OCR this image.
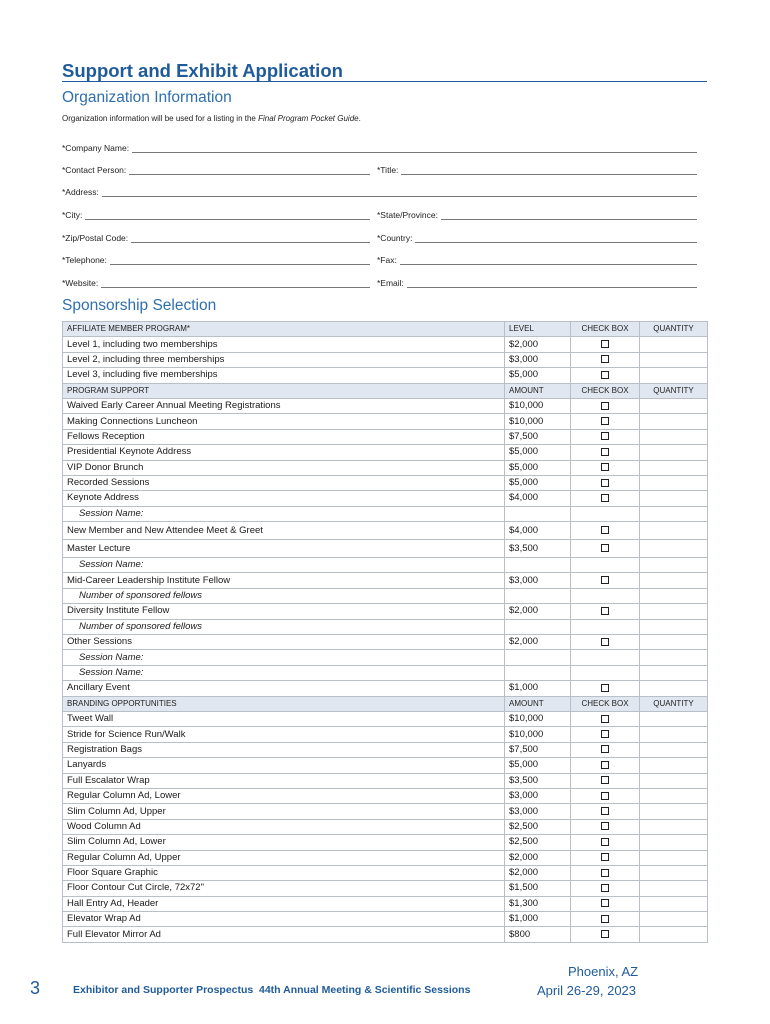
Support and Exhibit Application
Organization Information
Organization information will be used for a listing in the Final Program Pocket Guide.
*Company Name:
*Contact Person:	*Title:
*Address:
*City:	*State/Province:
*Zip/Postal Code:	*Country:
*Telephone:	*Fax:
*Website:	*Email:
Sponsorship Selection
AFFILIATE MEMBER PROGRAM*	LEVEL	CHECK BOX	QUANTITY
Level 1, including two memberships	$2,000		
Level 2, including three memberships	$3,000		
Level 3, including five memberships	$5,000		
PROGRAM SUPPORT	AMOUNT	CHECK BOX	QUANTITY
Waived Early Career Annual Meeting Registrations	$10,000		
Making Connections Luncheon	$10,000		
Fellows Reception	$7,500		
Presidential Keynote Address	$5,000		
VIP Donor Brunch	$5,000		
Recorded Sessions	$5,000		
Keynote Address	$4,000		
Session Name:			
New Member and New Attendee Meet & Greet	$4,000		
Master Lecture	$3,500		
Session Name:			
Mid-Career Leadership Institute Fellow	$3,000		
Number of sponsored fellows			
Diversity Institute Fellow	$2,000		
Number of sponsored fellows			
Other Sessions	$2,000		
Session Name:			
Session Name:			
Ancillary Event	$1,000		
BRANDING OPPORTUNITIES	AMOUNT	CHECK BOX	QUANTITY
Tweet Wall	$10,000		
Stride for Science Run/Walk	$10,000		
Registration Bags	$7,500		
Lanyards	$5,000		
Full Escalator Wrap	$3,500		
Regular Column Ad, Lower	$3,000		
Slim Column Ad, Upper	$3,000		
Wood Column Ad	$2,500		
Slim Column Ad, Lower	$2,500		
Regular Column Ad, Upper	$2,000		
Floor Square Graphic	$2,000		
Floor Contour Cut Circle, 72x72"	$1,500		
Hall Entry Ad, Header	$1,300		
Elevator Wrap Ad	$1,000		
Full Elevator Mirror Ad	$800		
3	Exhibitor and Supporter Prospectus 44th Annual Meeting & Scientific Sessions
Phoenix, AZ
April 26-29, 2023
